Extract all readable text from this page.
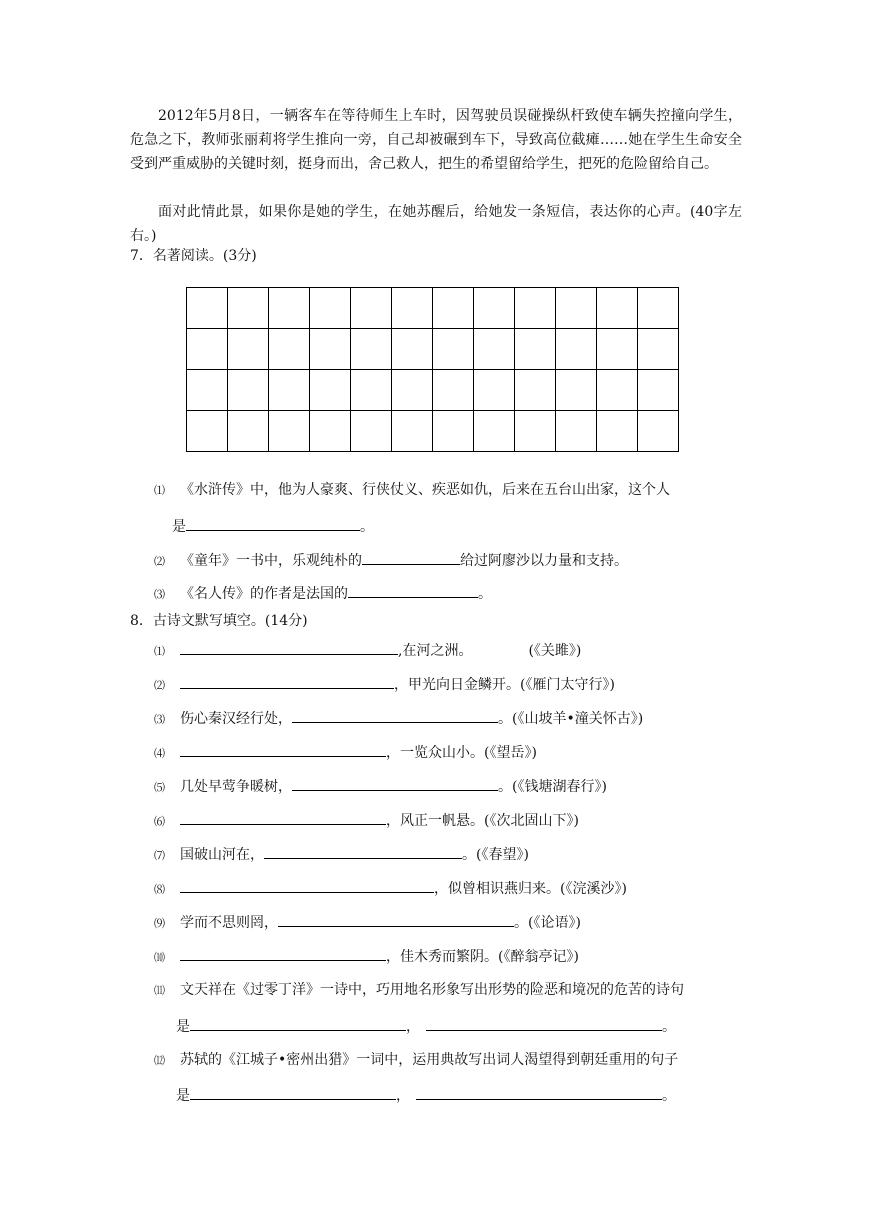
2012年5月8日，一辆客车在等待师生上车时，因驾驶员误碰操纵杆致使车辆失控撞向学生，危急之下，教师张丽莉将学生推向一旁，自己却被碾到车下，导致高位截瘫……她在学生生命安全受到严重威胁的关键时刻，挺身而出，舍己救人，把生的希望留给学生，把死的危险留给自己。

面对此情此景，如果你是她的学生，在她苏醒后，给她发一条短信，表达你的心声。(40字左右。)

7．名著阅读。(3分)

⑴ 《水浒传》中，他为人豪爽、行侠仗义、疾恶如仇，后来在五台山出家，这个人

是	。

⑵ 《童年》一书中，乐观纯朴的	给过阿廖沙以力量和支持。

⑶ 《名人传》的作者是法国的	。

8．古诗文默写填空。(14分)

⑴	,在河之洲。	(《关雎》)

⑵	，甲光向日金鳞开。(《雁门太守行》)

⑶ 伤心秦汉经行处，	。(《山坡羊•潼关怀古》)

⑷	，一览众山小。(《望岳》)

⑸ 几处早莺争暖树，	。(《钱塘湖春行》)

⑹	，风正一帆悬。(《次北固山下》)

⑺ 国破山河在，	。(《春望》)

⑻	，似曾相识燕归来。(《浣溪沙》)

⑼ 学而不思则罔，	。(《论语》)

⑽	，佳木秀而繁阴。(《醉翁亭记》)

⑾ 文天祥在《过零丁洋》一诗中，巧用地名形象写出形势的险恶和境况的危苦的诗句

是	，	。

⑿ 苏轼的《江城子•密州出猎》一词中，运用典故写出词人渴望得到朝廷重用的句子

是	，	。
